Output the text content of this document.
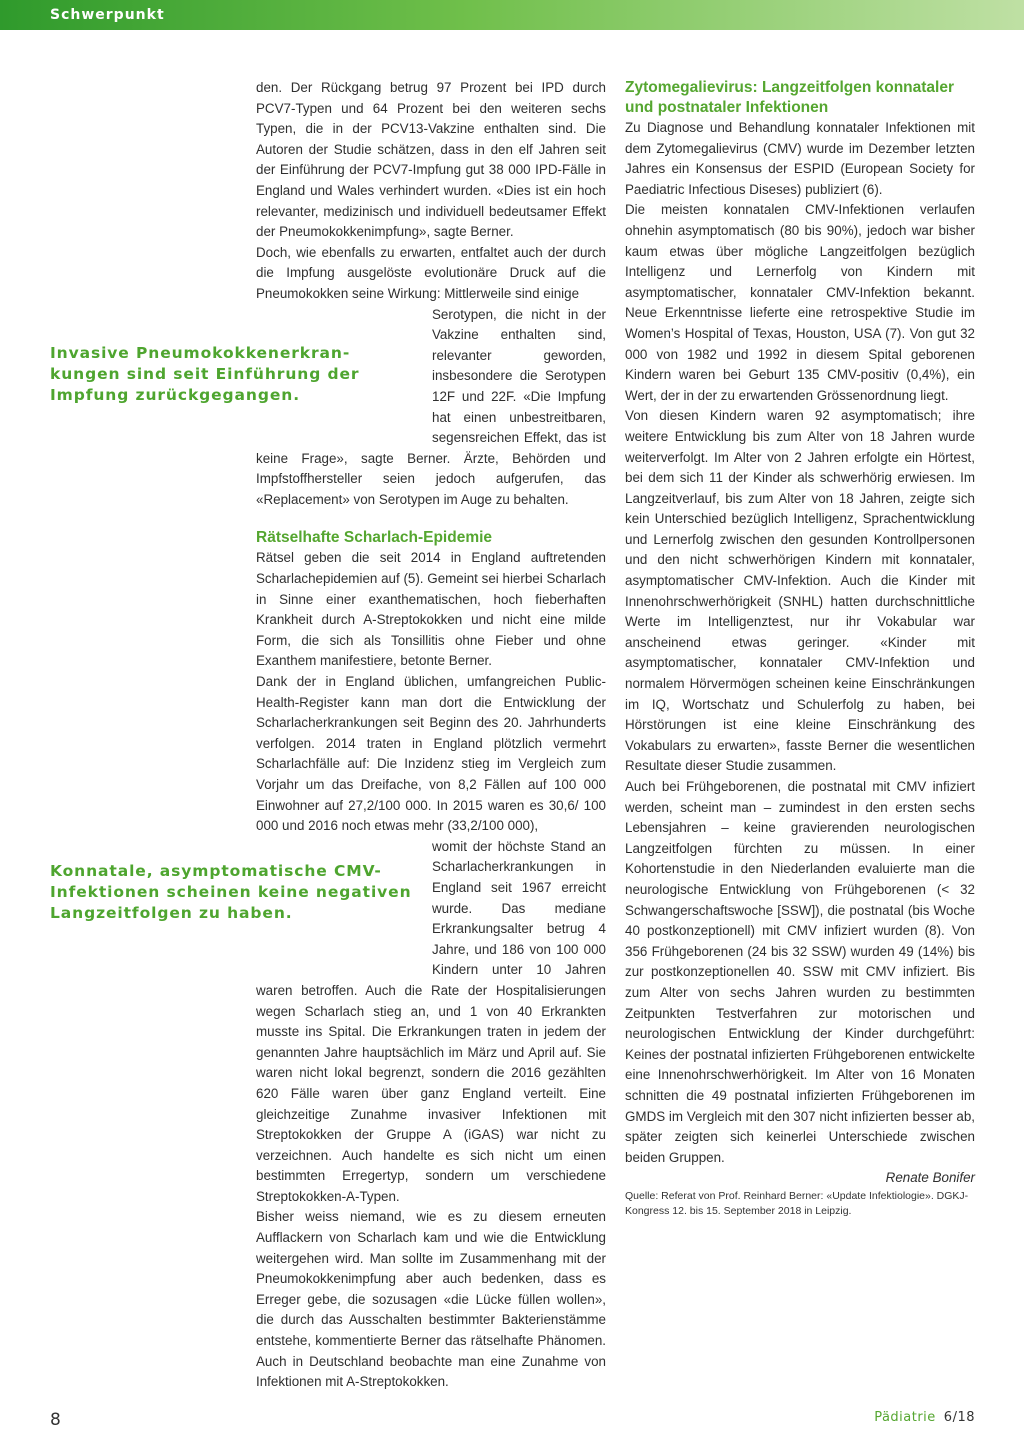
Schwerpunkt
Invasive Pneumokokkenerkran- kungen sind seit Einführung der Impfung zurückgegangen.
Konnatale, asymptomatische CMV-Infektionen scheinen keine negativen Langzeitfolgen zu haben.

den. Der Rückgang betrug 97 Prozent bei IPD durch PCV7-Typen und 64 Prozent bei den weiteren sechs Typen, die in der PCV13-Vakzine enthalten sind. Die Autoren der Studie schätzen, dass in den elf Jahren seit der Einführung der PCV7-Impfung gut 38 000 IPD-Fälle in England und Wales verhindert wurden. «Dies ist ein hoch relevanter, medizinisch und individuell bedeutsamer Effekt der Pneumokokkenimpfung», sagte Berner.

Doch, wie ebenfalls zu erwarten, entfaltet auch der durch die Impfung ausgelöste evolutionäre Druck auf die Pneumokokken seine Wirkung: Mittlerweile sind einige

Serotypen, die nicht in der Vakzine enthalten sind, relevanter geworden, insbesondere die Serotypen 12F und 22F. «Die Impfung hat einen unbestreitbaren, segensreichen Effekt, das ist keine Frage», sagte Berner. Ärzte, Behörden und Impfstoffhersteller seien jedoch aufgerufen, das «Replacement» von Serotypen im Auge zu behalten.

Rätselhafte Scharlach-Epidemie

Rätsel geben die seit 2014 in England auftretenden Scharlachepidemien auf (5). Gemeint sei hierbei Scharlach in Sinne einer exanthematischen, hoch fieberhaften Krankheit durch A-Streptokokken und nicht eine milde Form, die sich als Tonsillitis ohne Fieber und ohne Exanthem manifestiere, betonte Berner.

Dank der in England üblichen, umfangreichen Public-Health-Register kann man dort die Entwicklung der Scharlacherkrankungen seit Beginn des 20. Jahrhunderts verfolgen. 2014 traten in England plötzlich vermehrt Scharlachfälle auf: Die Inzidenz stieg im Vergleich zum Vorjahr um das Dreifache, von 8,2 Fällen auf 100 000 Einwohner auf 27,2/100 000. In 2015 waren es 30,6/ 100 000 und 2016 noch etwas mehr (33,2/100 000),

womit der höchste Stand an Scharlacherkrankungen in England seit 1967 erreicht wurde. Das mediane Erkrankungsalter betrug 4 Jahre, und 186 von 100 000 Kindern unter 10 Jahren waren betroffen. Auch die Rate der Hospitalisierungen wegen Scharlach stieg an, und 1 von 40 Erkrankten musste ins Spital. Die Erkrankungen traten in jedem der genannten Jahre hauptsächlich im März und April auf. Sie waren nicht lokal begrenzt, sondern die 2016 gezählten 620 Fälle waren über ganz England verteilt. Eine gleichzeitige Zunahme invasiver Infektionen mit Streptokokken der Gruppe A (iGAS) war nicht zu verzeichnen. Auch handelte es sich nicht um einen bestimmten Erregertyp, sondern um verschiedene Streptokokken-A-Typen.

Bisher weiss niemand, wie es zu diesem erneuten Aufflackern von Scharlach kam und wie die Entwicklung weitergehen wird. Man sollte im Zusammenhang mit der Pneumokokkenimpfung aber auch bedenken, dass es Erreger gebe, die sozusagen «die Lücke füllen wollen», die durch das Ausschalten bestimmter Bakterienstämme entstehe, kommentierte Berner das rätselhafte Phänomen. Auch in Deutschland beobachte man eine Zunahme von Infektionen mit A-Streptokokken.

Zytomegalievirus: Langzeitfolgen konnataler und postnataler Infektionen

Zu Diagnose und Behandlung konnataler Infektionen mit dem Zytomegalievirus (CMV) wurde im Dezember letzten Jahres ein Konsensus der ESPID (European Society for Paediatric Infectious Diseses) publiziert (6).

Die meisten konnatalen CMV-Infektionen verlaufen ohnehin asymptomatisch (80 bis 90%), jedoch war bisher kaum etwas über mögliche Langzeitfolgen bezüglich Intelligenz und Lernerfolg von Kindern mit asymptomatischer, konnataler CMV-Infektion bekannt. Neue Erkenntnisse lieferte eine retrospektive Studie im Women’s Hospital of Texas, Houston, USA (7). Von gut 32 000 von 1982 und 1992 in diesem Spital geborenen Kindern waren bei Geburt 135 CMV-positiv (0,4%), ein Wert, der in der zu erwartenden Grössenordnung liegt.

Von diesen Kindern waren 92 asymptomatisch; ihre weitere Entwicklung bis zum Alter von 18 Jahren wurde weiterverfolgt. Im Alter von 2 Jahren erfolgte ein Hörtest, bei dem sich 11 der Kinder als schwerhörig erwiesen. Im Langzeitverlauf, bis zum Alter von 18 Jahren, zeigte sich kein Unterschied bezüglich Intelligenz, Sprachentwicklung und Lernerfolg zwischen den gesunden Kontrollpersonen und den nicht schwerhörigen Kindern mit konnataler, asymptomatischer CMV-Infektion. Auch die Kinder mit Innenohrschwerhörigkeit (SNHL) hatten durchschnittliche Werte im Intelligenztest, nur ihr Vokabular war anscheinend etwas geringer. «Kinder mit asymptomatischer, konnataler CMV-Infektion und normalem Hörvermögen scheinen keine Einschränkungen im IQ, Wortschatz und Schulerfolg zu haben, bei Hörstörungen ist eine kleine Einschränkung des Vokabulars zu erwarten», fasste Berner die wesentlichen Resultate dieser Studie zusammen.

Auch bei Frühgeborenen, die postnatal mit CMV infiziert werden, scheint man – zumindest in den ersten sechs Lebensjahren – keine gravierenden neurologischen Langzeitfolgen fürchten zu müssen. In einer Kohortenstudie in den Niederlanden evaluierte man die neurologische Entwicklung von Frühgeborenen (< 32 Schwangerschaftswoche [SSW]), die postnatal (bis Woche 40 postkonzeptionell) mit CMV infiziert wurden (8). Von 356 Frühgeborenen (24 bis 32 SSW) wurden 49 (14%) bis zur postkonzeptionellen 40. SSW mit CMV infiziert. Bis zum Alter von sechs Jahren wurden zu bestimmten Zeitpunkten Testverfahren zur motorischen und neurologischen Entwicklung der Kinder durchgeführt: Keines der postnatal infizierten Frühgeborenen entwickelte eine Innenohrschwerhörigkeit. Im Alter von 16 Monaten schnitten die 49 postnatal infizierten Frühgeborenen im GMDS im Vergleich mit den 307 nicht infizierten besser ab, später zeigten sich keinerlei Unterschiede zwischen beiden Gruppen.

Renate Bonifer

Quelle: Referat von Prof. Reinhard Berner: «Update Infektiologie». DGKJ-Kongress 12. bis 15. September 2018 in Leipzig.

8	Pädiatrie 6/18
